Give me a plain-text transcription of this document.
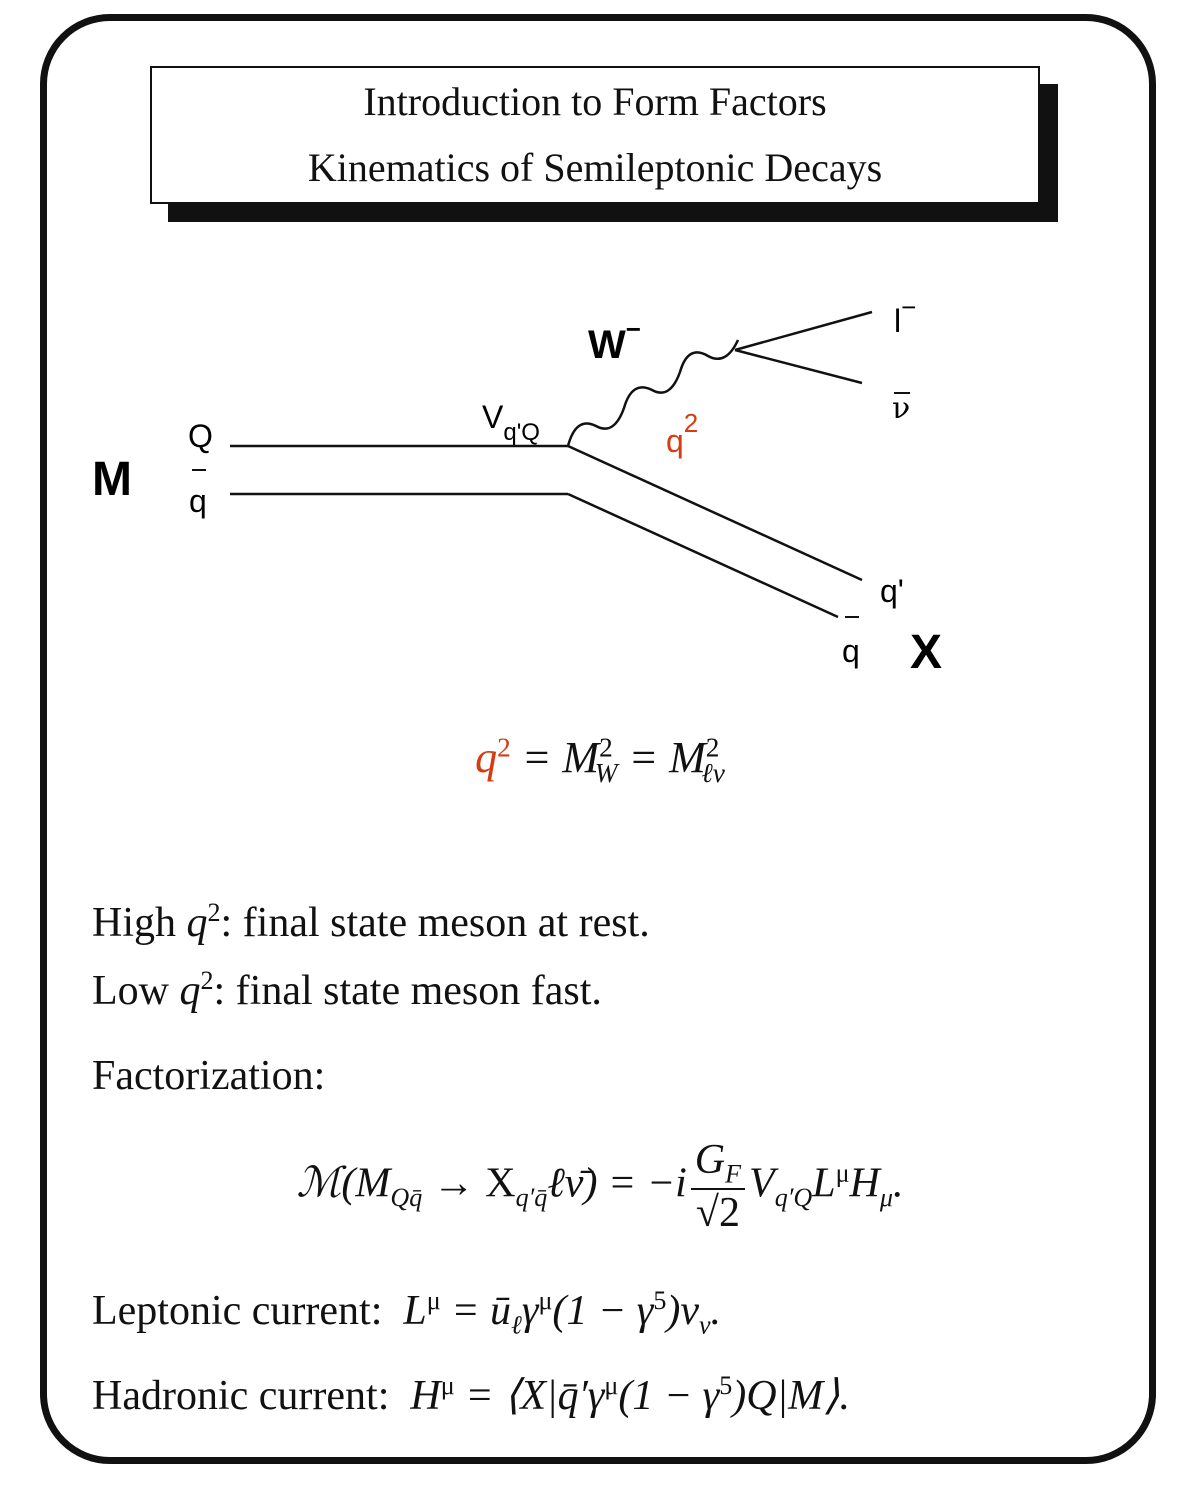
Introduction to Form Factors
Kinematics of Semileptonic Decays
M
Q
q
$V_{q'Q}$
W−
$q^2$
l−
ν
q'
q X
$q^2 = M^2_W = M^2_{\ell\nu}$
High $q^2$: final state meson at rest.
Low $q^2$: final state meson fast.
Factorization:
$ℳ(M_{Qq̄}$ → $X_{q'q̄}\ell\nū) = -i \frac{G_F}{√2} V_{q'Q}L^\mu H_\mu$.
Leptonic current: $L^\mu$ = $ū_\ell\gamma^\mu(1 - \gamma^5)v_\nu$.
Hadronic current: $H^\mu$ = $⟨X|q̄'\gamma^\mu(1$ − $\gamma^5)Q|M⟩$.
